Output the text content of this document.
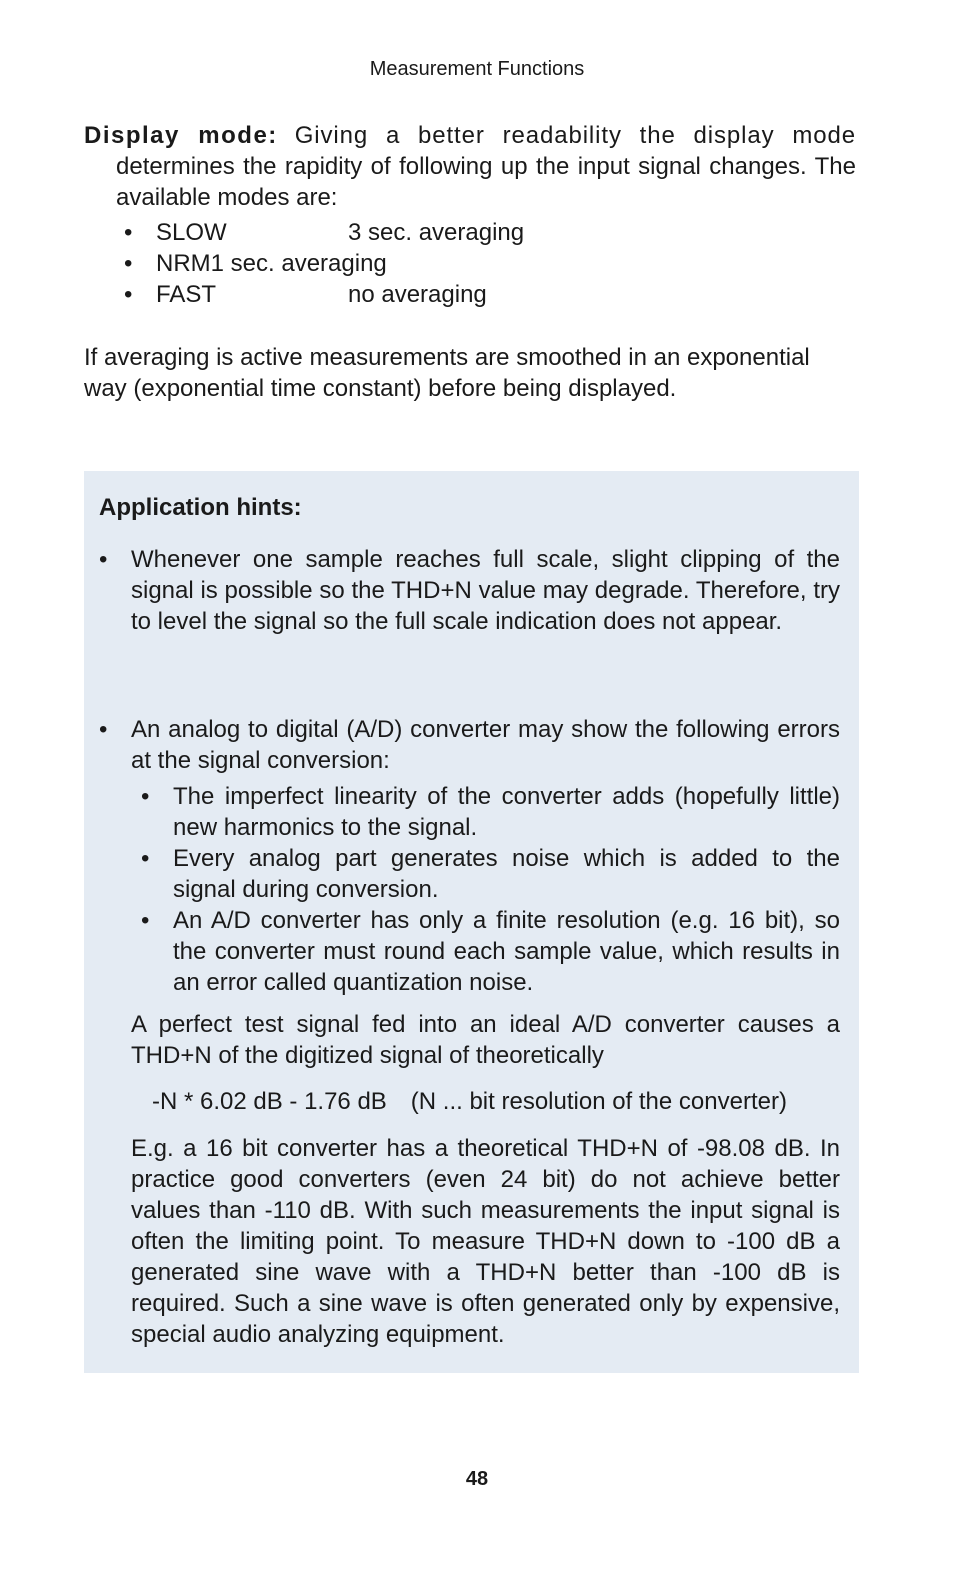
Measurement Functions
Display mode: Giving a better readability the display mode
determines the rapidity of following up the input signal changes. The available modes are:
• SLOW	3 sec. averaging
• NRM1 sec. averaging
• FAST	no averaging
If averaging is active measurements are smoothed in an exponential way (exponential time constant) before being displayed.
Application hints:
• Whenever one sample reaches full scale, slight clipping of the signal is possible so the THD+N value may degrade. Therefore, try to level the signal so the full scale indication does not appear.
• An analog to digital (A/D) converter may show the following errors at the signal conversion:
• The imperfect linearity of the converter adds (hopefully little) new harmonics to the signal.
• Every analog part generates noise which is added to the signal during conversion.
• An A/D converter has only a finite resolution (e.g. 16 bit), so the converter must round each sample value, which results in an error called quantization noise.
A perfect test signal fed into an ideal A/D converter causes a THD+N of the digitized signal of theoretically
-N * 6.02 dB - 1.76 dB (N ... bit resolution of the converter)
E.g. a 16 bit converter has a theoretical THD+N of -98.08 dB. In practice good converters (even 24 bit) do not achieve better values than -110 dB. With such measurements the input signal is often the limiting point. To measure THD+N down to -100 dB a generated sine wave with a THD+N better than -100 dB is required. Such a sine wave is often generated only by expensive, special audio analyzing equipment.
48
